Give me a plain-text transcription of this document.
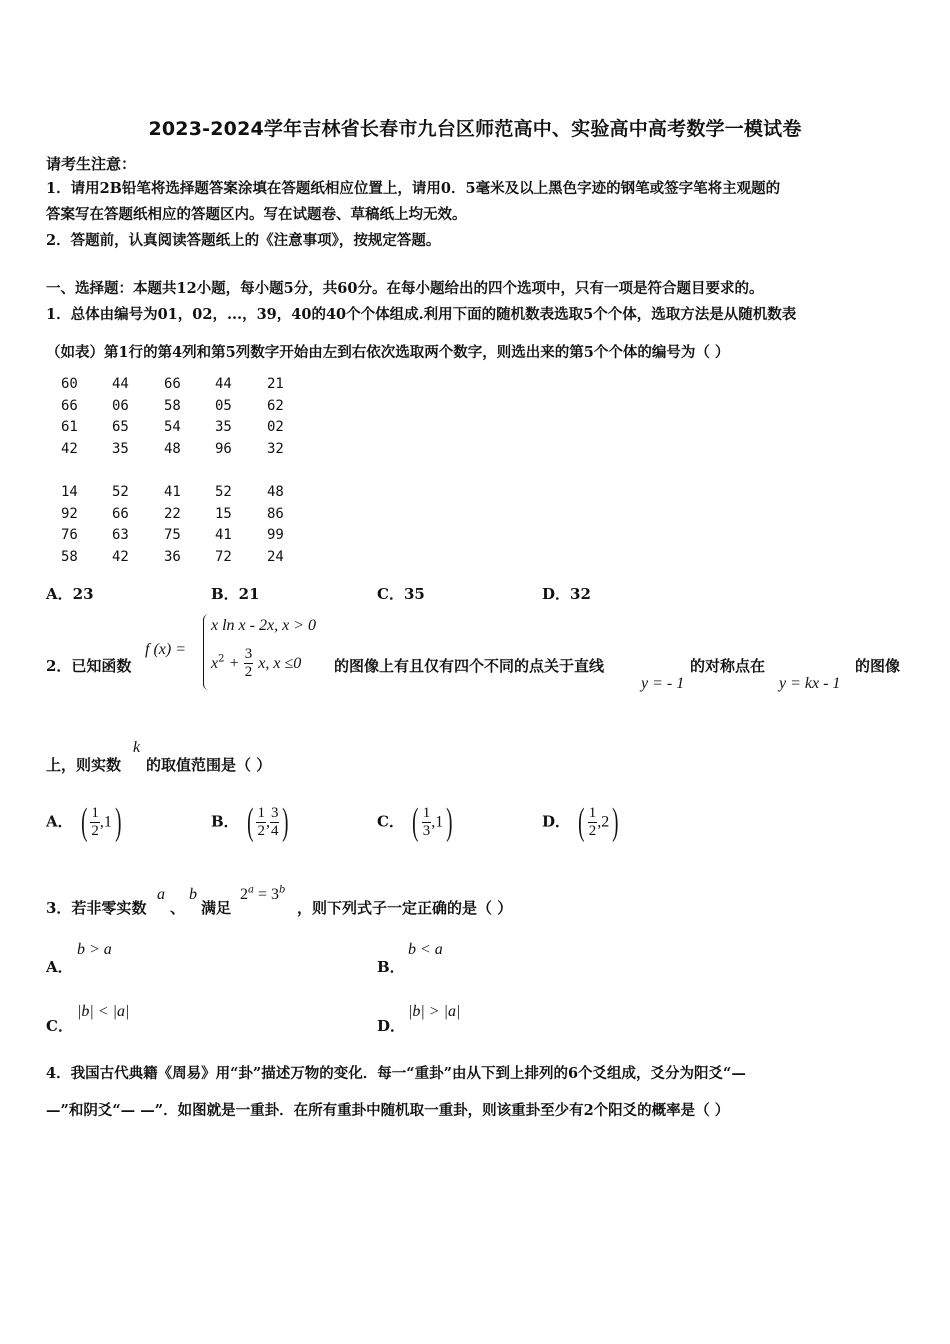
2023-2024学年吉林省长春市九台区师范高中、实验高中高考数学一模试卷
请考生注意：
1．请用2B铅笔将选择题答案涂填在答题纸相应位置上，请用0．5毫米及以上黑色字迹的钢笔或签字笔将主观题的
答案写在答题纸相应的答题区内。写在试题卷、草稿纸上均无效。
2．答题前，认真阅读答题纸上的《注意事项》，按规定答题。
一、选择题：本题共12小题，每小题5分，共60分。在每小题给出的四个选项中，只有一项是符合题目要求的。
1．总体由编号为01，02，...，39，40的40个个体组成.利用下面的随机数表选取5个个体，选取方法是从随机数表
（如表）第1行的第4列和第5列数字开始由左到右依次选取两个数字，则选出来的第5个个体的编号为（ ）
60 44	66 44	21
66 06	58 05	62
61 65	54 35	02
42 35	48 96	32
14 52	41 52	48
92 66	22 15	86
76 63	75 41	99
58 42	36 72	24
A．23	B．21	C．35	D．32
2．已知函数
f (x) =
x ln x - 2x, x > 0
$x^2 + \frac{3}{2} x$, x ≤0 的图像上有且仅有四个不同的点关于直线
y = - 1
的对称点在
y = kx - 1
的图像
上，则实数
k
的取值范围是（ ）
A． ( $\frac{1}{2} ,1$)	B． ( $\frac{1}{2}$ , $\frac{3}{4}$ )	C． ( $\frac{1}{3} ,1$)	D． ( $\frac{1}{2} ,2$)
3．若非零实数
a
、
b
满足
$2^a = 3^b$
，则下列式子一定正确的是（ ）
A．
b > a
B．
b < a
C．
|b| < |a|
D．
|b| > |a|
4．我国古代典籍《周易》用“卦”描述万物的变化．每一“重卦”由从下到上排列的6个爻组成，爻分为阳爻“—
—”和阴爻“— —”．如图就是一重卦．在所有重卦中随机取一重卦，则该重卦至少有2个阳爻的概率是（ ）
